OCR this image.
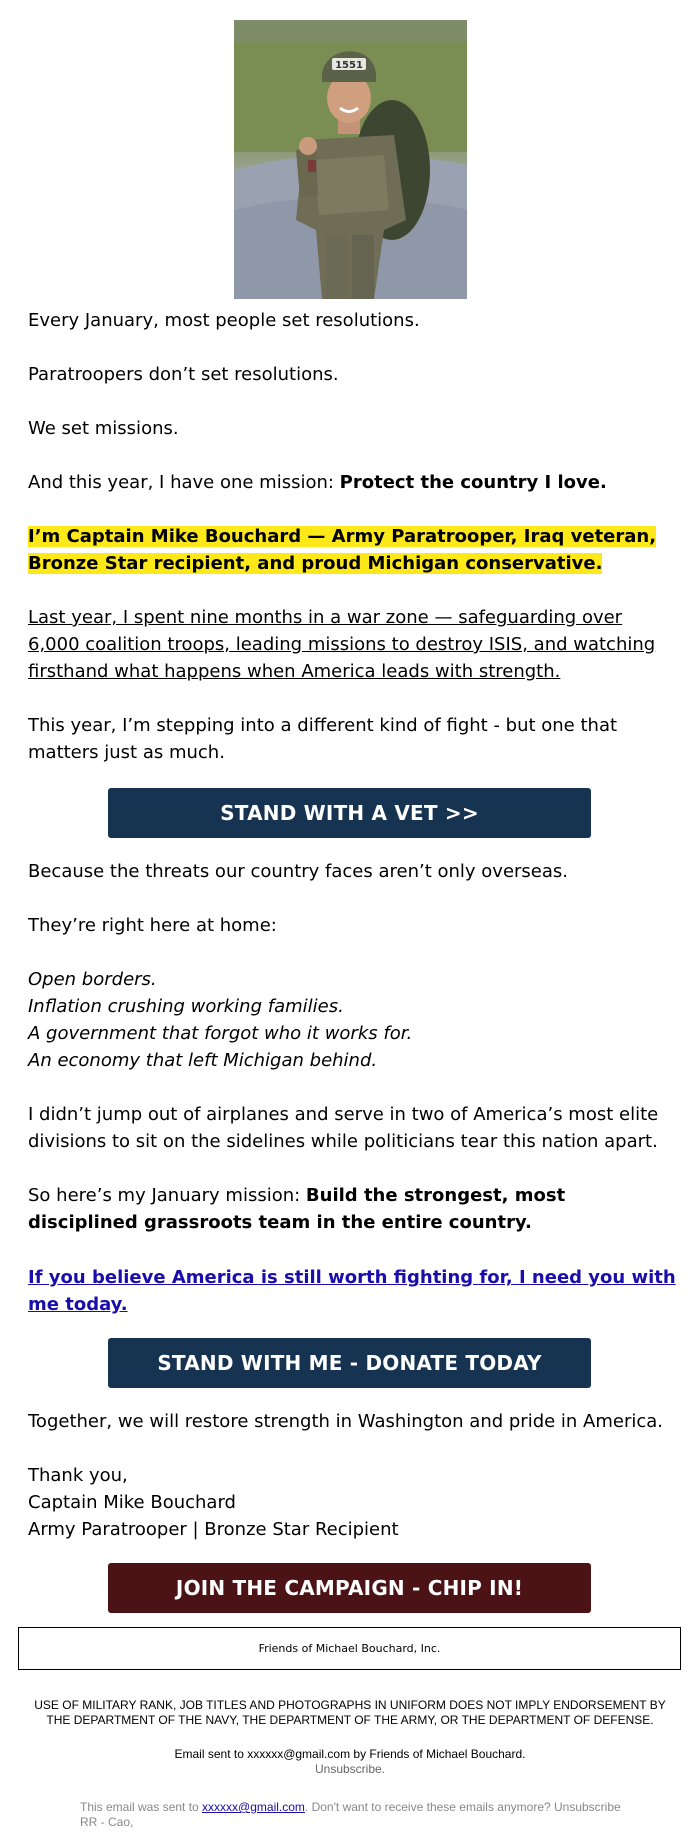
1551

Every January, most people set resolutions.

Paratroopers don’t set resolutions.

We set missions.

And this year, I have one mission: Protect the country I love.

I’m Captain Mike Bouchard — Army Paratrooper, Iraq veteran, Bronze Star recipient, and proud Michigan conservative.

Last year, I spent nine months in a war zone — safeguarding over 6,000 coalition troops, leading missions to destroy ISIS, and watching firsthand what happens when America leads with strength.

This year, I’m stepping into a different kind of fight - but one that matters just as much.

STAND WITH A VET >>

Because the threats our country faces aren’t only overseas.

They’re right here at home:

Open borders.
Inflation crushing working families.
A government that forgot who it works for.
An economy that left Michigan behind.

I didn’t jump out of airplanes and serve in two of America’s most elite divisions to sit on the sidelines while politicians tear this nation apart.

So here’s my January mission: Build the strongest, most disciplined grassroots team in the entire country.

If you believe America is still worth fighting for, I need you with me today.

STAND WITH ME - DONATE TODAY

Together, we will restore strength in Washington and pride in America.

Thank you,
Captain Mike Bouchard
Army Paratrooper | Bronze Star Recipient
JOIN THE CAMPAIGN - CHIP IN!
Friends of Michael Bouchard, Inc.
USE OF MILITARY RANK, JOB TITLES AND PHOTOGRAPHS IN UNIFORM DOES NOT IMPLY ENDORSEMENT BY THE DEPARTMENT OF THE NAVY, THE DEPARTMENT OF THE ARMY, OR THE DEPARTMENT OF DEFENSE.
Email sent to xxxxxx@gmail.com by Friends of Michael Bouchard.
Unsubscribe.
This email was sent to xxxxxx@gmail.com. Don't want to receive these emails anymore? Unsubscribe
RR - Cao,
